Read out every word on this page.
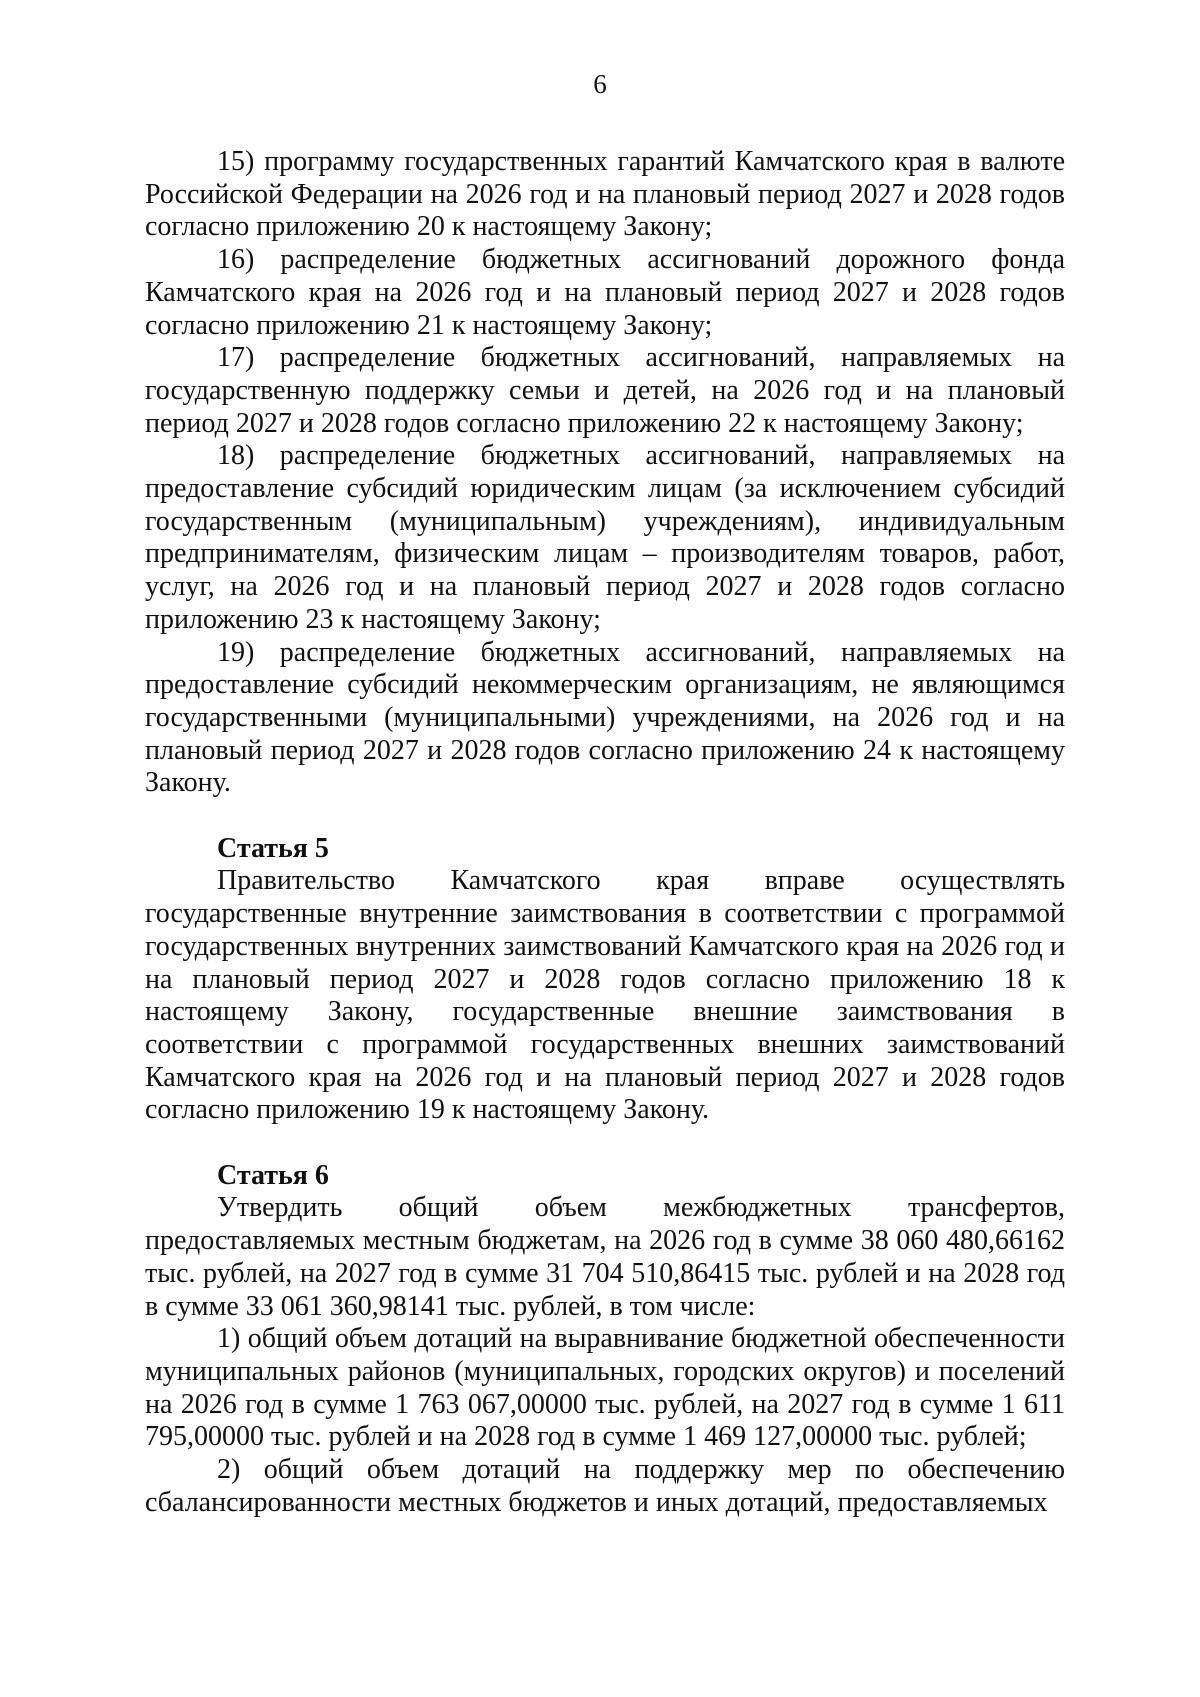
6

15) программу государственных гарантий Камчатского края в валюте Российской Федерации на 2026 год и на плановый период 2027 и 2028 годов согласно приложению 20 к настоящему Закону;

16) распределение бюджетных ассигнований дорожного фонда Камчатского края на 2026 год и на плановый период 2027 и 2028 годов согласно приложению 21 к настоящему Закону;

17) распределение бюджетных ассигнований, направляемых на государственную поддержку семьи и детей, на 2026 год и на плановый период 2027 и 2028 годов согласно приложению 22 к настоящему Закону;

18) распределение бюджетных ассигнований, направляемых на предоставление субсидий юридическим лицам (за исключением субсидий государственным (муниципальным) учреждениям), индивидуальным предпринимателям, физическим лицам – производителям товаров, работ, услуг, на 2026 год и на плановый период 2027 и 2028 годов согласно приложению 23 к настоящему Закону;

19) распределение бюджетных ассигнований, направляемых на предоставление субсидий некоммерческим организациям, не являющимся государственными (муниципальными) учреждениями, на 2026 год и на плановый период 2027 и 2028 годов согласно приложению 24 к настоящему Закону.

Статья 5

Правительство Камчатского края вправе осуществлять государственные внутренние заимствования в соответствии с программой государственных внутренних заимствований Камчатского края на 2026 год и на плановый период 2027 и 2028 годов согласно приложению 18 к настоящему Закону, государственные внешние заимствования в соответствии с программой государственных внешних заимствований Камчатского края на 2026 год и на плановый период 2027 и 2028 годов согласно приложению 19 к настоящему Закону.

Статья 6

Утвердить общий объем межбюджетных трансфертов, предоставляемых местным бюджетам, на 2026 год в сумме 38 060 480,66162 тыс. рублей, на 2027 год в сумме 31 704 510,86415 тыс. рублей и на 2028 год в сумме 33 061 360,98141 тыс. рублей, в том числе:

1) общий объем дотаций на выравнивание бюджетной обеспеченности муниципальных районов (муниципальных, городских округов) и поселений на 2026 год в сумме 1 763 067,00000 тыс. рублей, на 2027 год в сумме 1 611 795,00000 тыс. рублей и на 2028 год в сумме 1 469 127,00000 тыс. рублей;

2) общий объем дотаций на поддержку мер по обеспечению сбалансированности местных бюджетов и иных дотаций, предоставляемых
